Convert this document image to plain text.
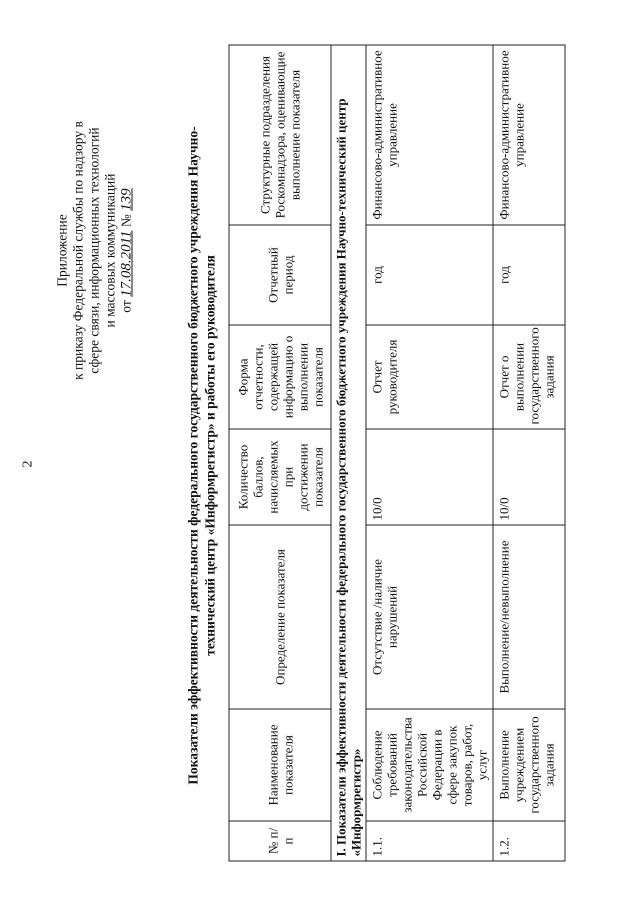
2
Приложение к приказу Федеральной службы по надзору в сфере связи, информационных технологий и массовых коммуникаций от 17.08.2011 № 139	Показатели эффективности деятельности федерального государственного бюджетного учреждения Научно- технический центр «Информрегистр» и работы его руководителя
№ п/п	Наименование показателя	Определение показателя	Количество баллов, начисляемых при достижении показателя	Форма отчетности, содержащей информацию о выполнении показателя	Отчетный период	Структурные подразделения Роскомнадзора, оценивающие выполнение показателя
I. Показатели эффективности деятельности федерального государственного бюджетного учреждения Научно-технический центр «Информрегистр»						
1.1.	Соблюдение требований законодательства Российской Федерации в сфере закупок товаров, работ, услуг	Отсутствие /наличие нарушений	10/0	Отчет руководителя	год	Финансово-административное управление
1.2.	Выполнение учреждением государственного задания	Выполнение/невыполнение	10/0	Отчет о выполнении государственного задания	год	Финансово-административное управление
